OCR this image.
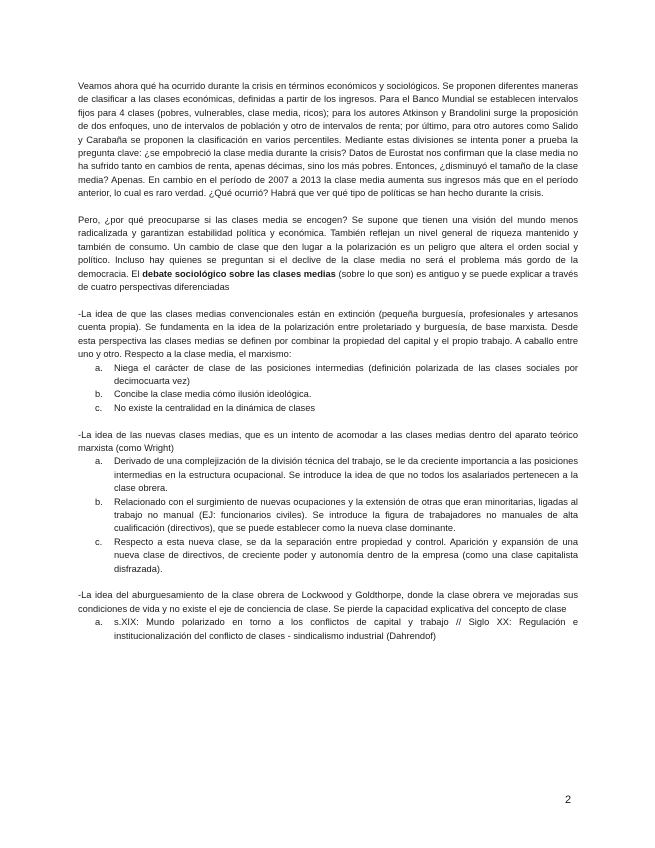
Veamos ahora qué ha ocurrido durante la crisis en términos económicos y sociológicos. Se proponen diferentes maneras de clasificar a las clases económicas, definidas a partir de los ingresos. Para el Banco Mundial se establecen intervalos fijos para 4 clases (pobres, vulnerables, clase media, ricos); para los autores Atkinson y Brandolini surge la proposición de dos enfoques, uno de intervalos de población y otro de intervalos de renta; por último, para otro autores como Salido y Carabaña se proponen la clasificación en varios percentiles. Mediante estas divisiones se intenta poner a prueba la pregunta clave: ¿se empobreció la clase media durante la crisis? Datos de Eurostat nos confirman que la clase media no ha sufrido tanto en cambios de renta, apenas décimas, sino los más pobres. Entonces, ¿disminuyó el tamaño de la clase media? Apenas. En cambio en el período de 2007 a 2013 la clase media aumenta sus ingresos más que en el período anterior, lo cual es raro verdad. ¿Qué ocurrió? Habrá que ver qué tipo de políticas se han hecho durante la crisis.

Pero, ¿por qué preocuparse si las clases media se encogen? Se supone que tienen una visión del mundo menos radicalizada y garantizan estabilidad política y económica. También reflejan un nivel general de riqueza mantenido y también de consumo. Un cambio de clase que den lugar a la polarización es un peligro que altera el orden social y político. Incluso hay quienes se preguntan si el declive de la clase media no será el problema más gordo de la democracia. El debate sociológico sobre las clases medias (sobre lo que son) es antiguo y se puede explicar a través de cuatro perspectivas diferenciadas

-La idea de que las clases medias convencionales están en extinción (pequeña burguesía, profesionales y artesanos cuenta propia). Se fundamenta en la idea de la polarización entre proletariado y burguesía, de base marxista. Desde esta perspectiva las clases medias se definen por combinar la propiedad del capital y el propio trabajo. A caballo entre uno y otro. Respecto a la clase media, el marxismo:

a. Niega el carácter de clase de las posiciones intermedias (definición polarizada de las clases sociales por decimocuarta vez)
b. Concibe la clase media cómo ilusión ideológica.
c. No existe la centralidad en la dinámica de clases

-La idea de las nuevas clases medias, que es un intento de acomodar a las clases medias dentro del aparato teórico marxista (como Wright)

a. Derivado de una complejización de la división técnica del trabajo, se le da creciente importancia a las posiciones intermedias en la estructura ocupacional. Se introduce la idea de que no todos los asalariados pertenecen a la clase obrera.
b. Relacionado con el surgimiento de nuevas ocupaciones y la extensión de otras que eran minoritarias, ligadas al trabajo no manual (EJ: funcionarios civiles). Se introduce la figura de trabajadores no manuales de alta cualificación (directivos), que se puede establecer como la nueva clase dominante.
c. Respecto a esta nueva clase, se da la separación entre propiedad y control. Aparición y expansión de una nueva clase de directivos, de creciente poder y autonomía dentro de la empresa (como una clase capitalista disfrazada).

-La idea del aburguesamiento de la clase obrera de Lockwood y Goldthorpe, donde la clase obrera ve mejoradas sus condiciones de vida y no existe el eje de conciencia de clase. Se pierde la capacidad explicativa del concepto de clase

a. s.XIX: Mundo polarizado en torno a los conflictos de capital y trabajo // Siglo XX: Regulación e institucionalización del conflicto de clases - sindicalismo industrial (Dahrendof)
2
